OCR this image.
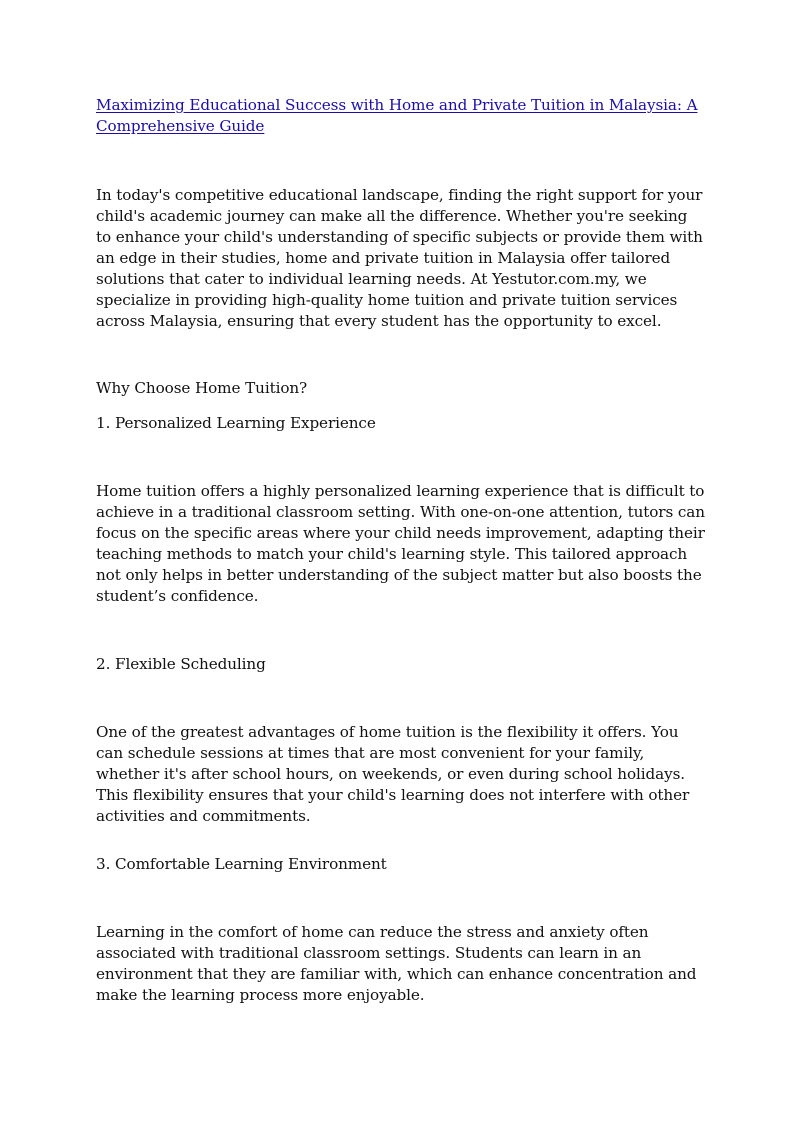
Maximizing Educational Success with Home and Private Tuition in Malaysia: A Comprehensive Guide

In today's competitive educational landscape, finding the right support for your child's academic journey can make all the difference. Whether you're seeking to enhance your child's understanding of specific subjects or provide them with an edge in their studies, home and private tuition in Malaysia offer tailored solutions that cater to individual learning needs. At Yestutor.com.my, we specialize in providing high-quality home tuition and private tuition services across Malaysia, ensuring that every student has the opportunity to excel.

Why Choose Home Tuition?

1. Personalized Learning Experience

Home tuition offers a highly personalized learning experience that is difficult to achieve in a traditional classroom setting. With one-on-one attention, tutors can focus on the specific areas where your child needs improvement, adapting their teaching methods to match your child's learning style. This tailored approach not only helps in better understanding of the subject matter but also boosts the student’s confidence.

2. Flexible Scheduling

One of the greatest advantages of home tuition is the flexibility it offers. You can schedule sessions at times that are most convenient for your family, whether it's after school hours, on weekends, or even during school holidays. This flexibility ensures that your child's learning does not interfere with other activities and commitments.

3. Comfortable Learning Environment

Learning in the comfort of home can reduce the stress and anxiety often associated with traditional classroom settings. Students can learn in an environment that they are familiar with, which can enhance concentration and make the learning process more enjoyable.
